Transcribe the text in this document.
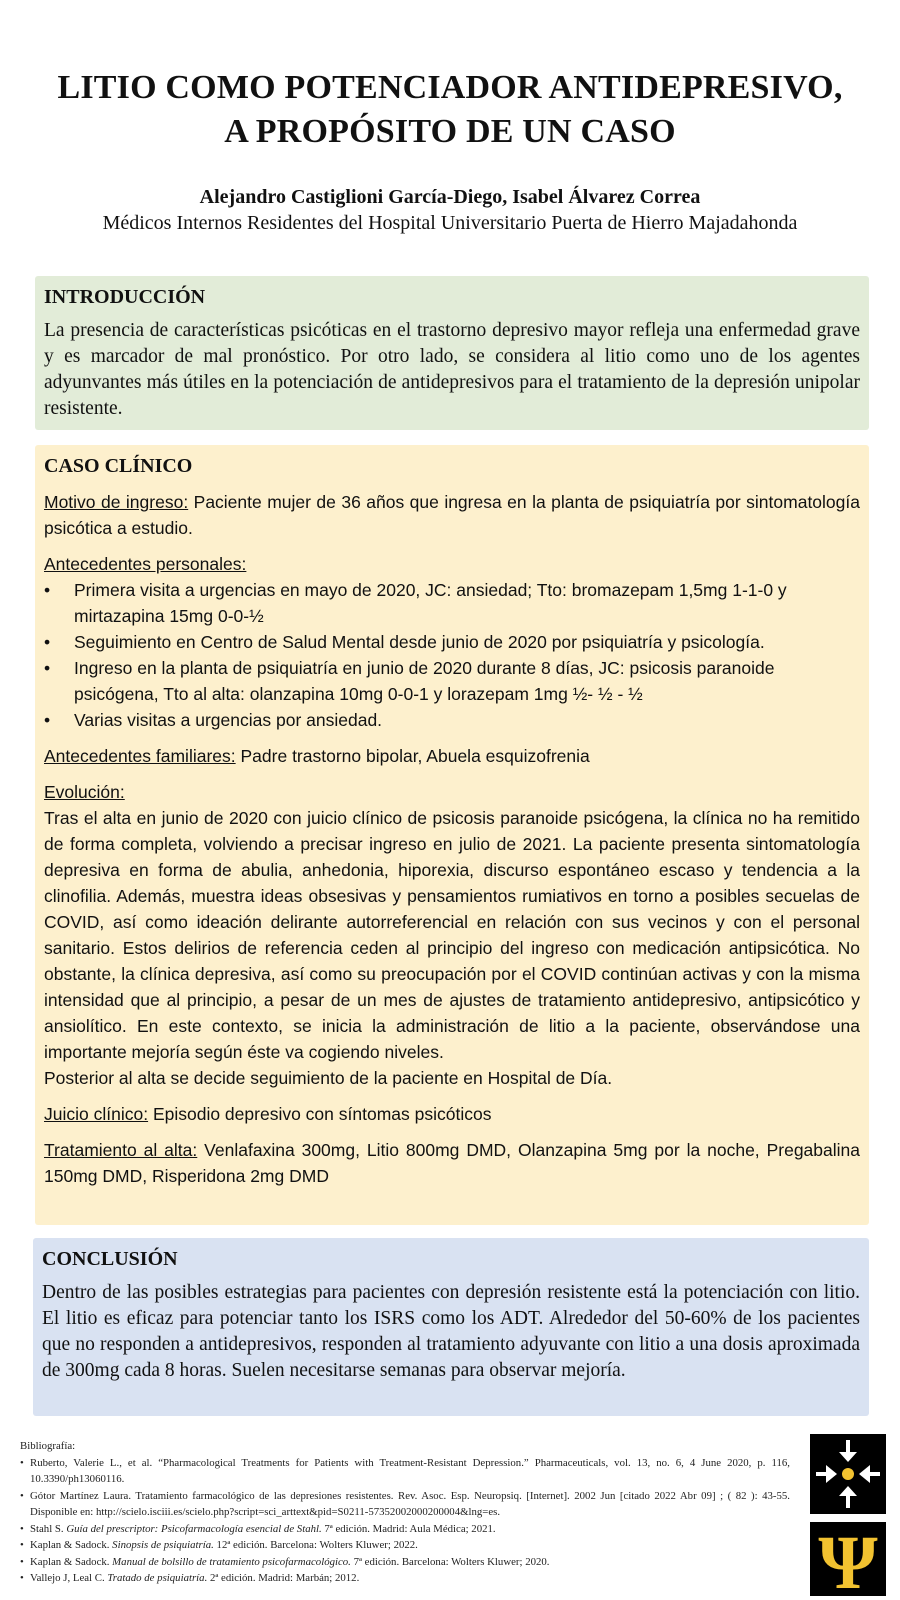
LITIO COMO POTENCIADOR ANTIDEPRESIVO,
A PROPÓSITO DE UN CASO
Alejandro Castiglioni García-Diego, Isabel Álvarez Correa
Médicos Internos Residentes del Hospital Universitario Puerta de Hierro Majadahonda
INTRODUCCIÓN

La presencia de características psicóticas en el trastorno depresivo mayor refleja una enfermedad grave y es marcador de mal pronóstico. Por otro lado, se considera al litio como uno de los agentes adyunvantes más útiles en la potenciación de antidepresivos para el tratamiento de la depresión unipolar resistente.

CASO CLÍNICO

Motivo de ingreso: Paciente mujer de 36 años que ingresa en la planta de psiquiatría por sintomatología psicótica a estudio.

Antecedentes personales:
• Primera visita a urgencias en mayo de 2020, JC: ansiedad; Tto: bromazepam 1,5mg 1-1-0 y mirtazapina 15mg 0-0-½
• Seguimiento en Centro de Salud Mental desde junio de 2020 por psiquiatría y psicología.
• Ingreso en la planta de psiquiatría en junio de 2020 durante 8 días, JC: psicosis paranoide psicógena, Tto al alta: olanzapina 10mg 0-0-1 y lorazepam 1mg ½- ½ - ½
• Varias visitas a urgencias por ansiedad.

Antecedentes familiares: Padre trastorno bipolar, Abuela esquizofrenia

Evolución:

Tras el alta en junio de 2020 con juicio clínico de psicosis paranoide psicógena, la clínica no ha remitido de forma completa, volviendo a precisar ingreso en julio de 2021. La paciente presenta sintomatología depresiva en forma de abulia, anhedonia, hiporexia, discurso espontáneo escaso y tendencia a la clinofilia. Además, muestra ideas obsesivas y pensamientos rumiativos en torno a posibles secuelas de COVID, así como ideación delirante autorreferencial en relación con sus vecinos y con el personal sanitario. Estos delirios de referencia ceden al principio del ingreso con medicación antipsicótica. No obstante, la clínica depresiva, así como su preocupación por el COVID continúan activas y con la misma intensidad que al principio, a pesar de un mes de ajustes de tratamiento antidepresivo, antipsicótico y ansiolítico. En este contexto, se inicia la administración de litio a la paciente, observándose una importante mejoría según éste va cogiendo niveles.

Posterior al alta se decide seguimiento de la paciente en Hospital de Día.

Juicio clínico: Episodio depresivo con síntomas psicóticos

Tratamiento al alta: Venlafaxina 300mg, Litio 800mg DMD, Olanzapina 5mg por la noche, Pregabalina 150mg DMD, Risperidona 2mg DMD

CONCLUSIÓN

Dentro de las posibles estrategias para pacientes con depresión resistente está la potenciación con litio. El litio es eficaz para potenciar tanto los ISRS como los ADT. Alrededor del 50-60% de los pacientes que no responden a antidepresivos, responden al tratamiento adyuvante con litio a una dosis aproximada de 300mg cada 8 horas. Suelen necesitarse semanas para observar mejoría.

Bibliografía:
• Ruberto, Valerie L., et al. “Pharmacological Treatments for Patients with Treatment-Resistant Depression.” Pharmaceuticals, vol. 13, no. 6, 4 June 2020, p. 116, 10.3390/ph13060116.
• Gótor Martínez Laura. Tratamiento farmacológico de las depresiones resistentes. Rev. Asoc. Esp. Neuropsiq. [Internet]. 2002 Jun [citado 2022 Abr 09] ; ( 82 ): 43-55. Disponible en: http://scielo.isciii.es/scielo.php?script=sci_arttext&pid=S0211-57352002000200004&lng=es.
• Stahl S. Guía del prescriptor: Psicofarmacología esencial de Stahl. 7ª edición. Madrid: Aula Médica; 2021.
• Kaplan & Sadock. Sinopsis de psiquiatría. 12ª edición. Barcelona: Wolters Kluwer; 2022.
• Kaplan & Sadock. Manual de bolsillo de tratamiento psicofarmacológico. 7ª edición. Barcelona: Wolters Kluwer; 2020.
• Vallejo J, Leal C. Tratado de psiquiatría. 2ª edición. Madrid: Marbán; 2012.	Ψ
